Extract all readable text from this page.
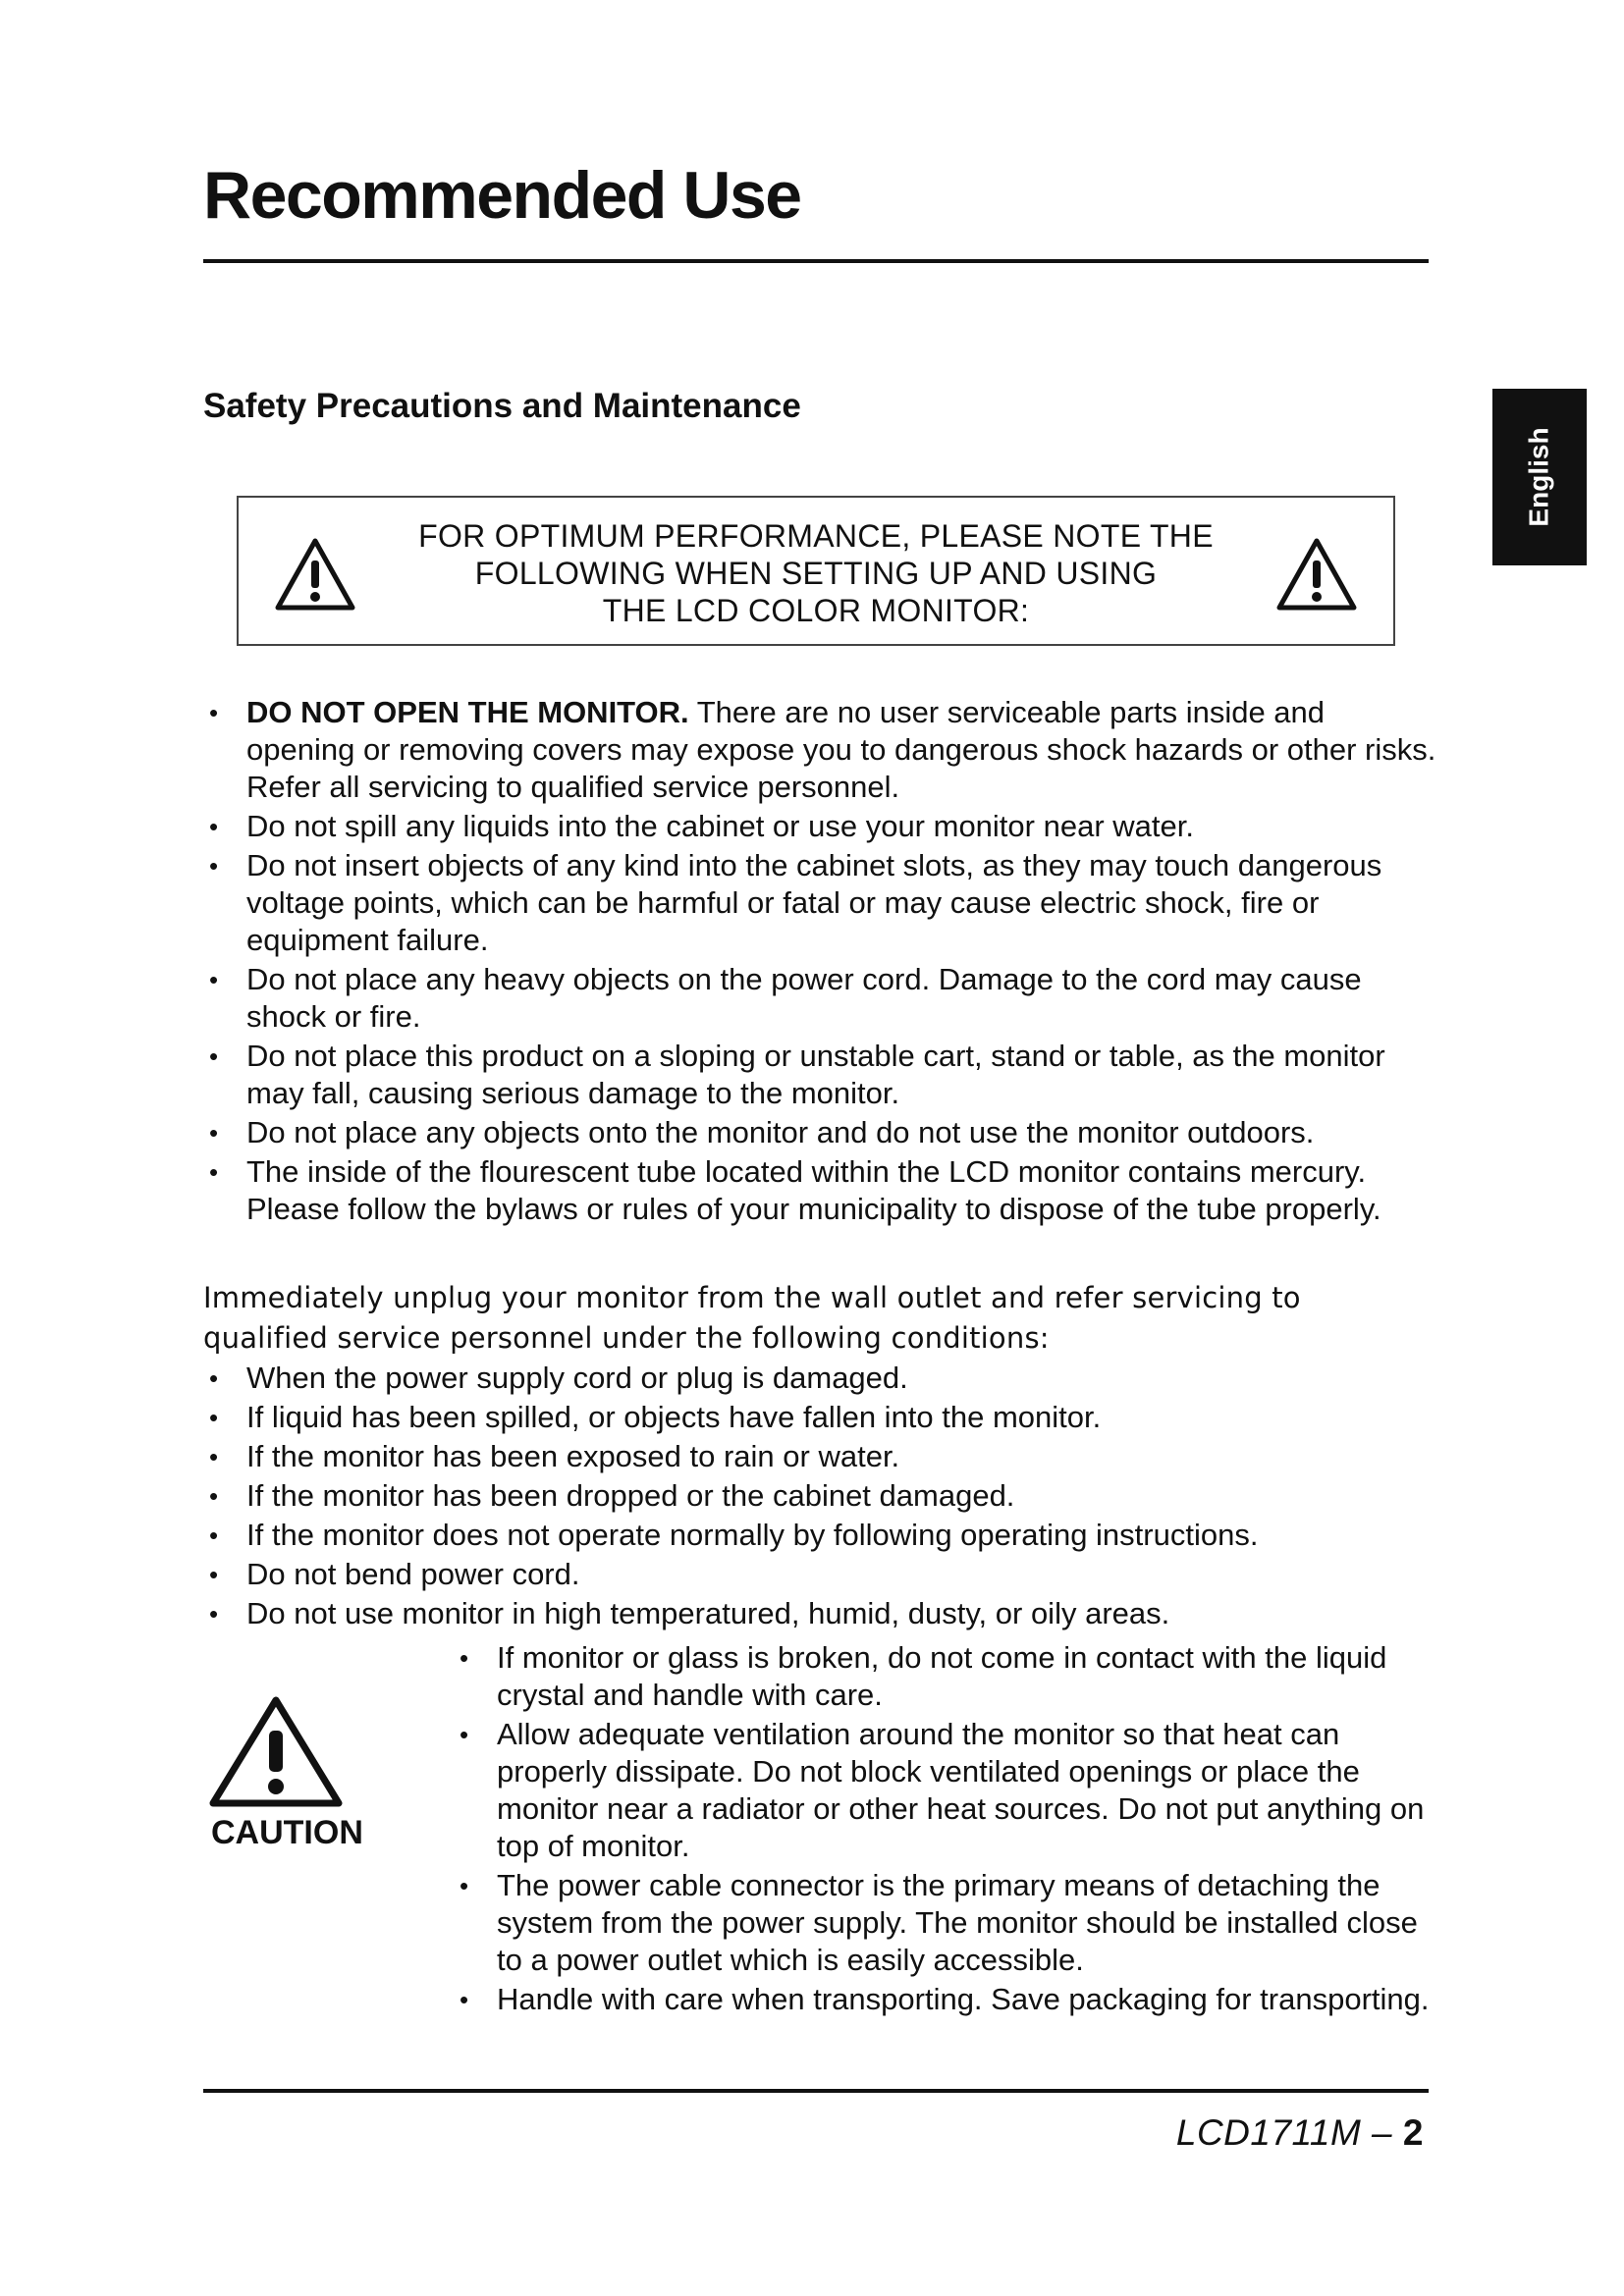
Recommended Use
Safety Precautions and Maintenance
English
FOR OPTIMUM PERFORMANCE, PLEASE NOTE THE
FOLLOWING WHEN SETTING UP AND USING
THE LCD COLOR MONITOR:
• DO NOT OPEN THE MONITOR. There are no user serviceable parts inside and opening or removing covers may expose you to dangerous shock hazards or other risks. Refer all servicing to qualified service personnel.
• Do not spill any liquids into the cabinet or use your monitor near water.
• Do not insert objects of any kind into the cabinet slots, as they may touch dangerous voltage points, which can be harmful or fatal or may cause electric shock, fire or equipment failure.
• Do not place any heavy objects on the power cord. Damage to the cord may cause shock or fire.
• Do not place this product on a sloping or unstable cart, stand or table, as the monitor may fall, causing serious damage to the monitor.
• Do not place any objects onto the monitor and do not use the monitor outdoors.
• The inside of the flourescent tube located within the LCD monitor contains mercury. Please follow the bylaws or rules of your municipality to dispose of the tube properly.

Immediately unplug your monitor from the wall outlet and refer servicing to qualified service personnel under the following conditions:

• When the power supply cord or plug is damaged.
• If liquid has been spilled, or objects have fallen into the monitor.
• If the monitor has been exposed to rain or water.
• If the monitor has been dropped or the cabinet damaged.
• If the monitor does not operate normally by following operating instructions.
• Do not bend power cord.
• Do not use monitor in high temperatured, humid, dusty, or oily areas.
CAUTION
• If monitor or glass is broken, do not come in contact with the liquid crystal and handle with care.
• Allow adequate ventilation around the monitor so that heat can properly dissipate. Do not block ventilated openings or place the monitor near a radiator or other heat sources. Do not put anything on top of monitor.
• The power cable connector is the primary means of detaching the system from the power supply. The monitor should be installed close to a power outlet which is easily accessible.
• Handle with care when transporting. Save packaging for transporting.
LCD1711M – 2
